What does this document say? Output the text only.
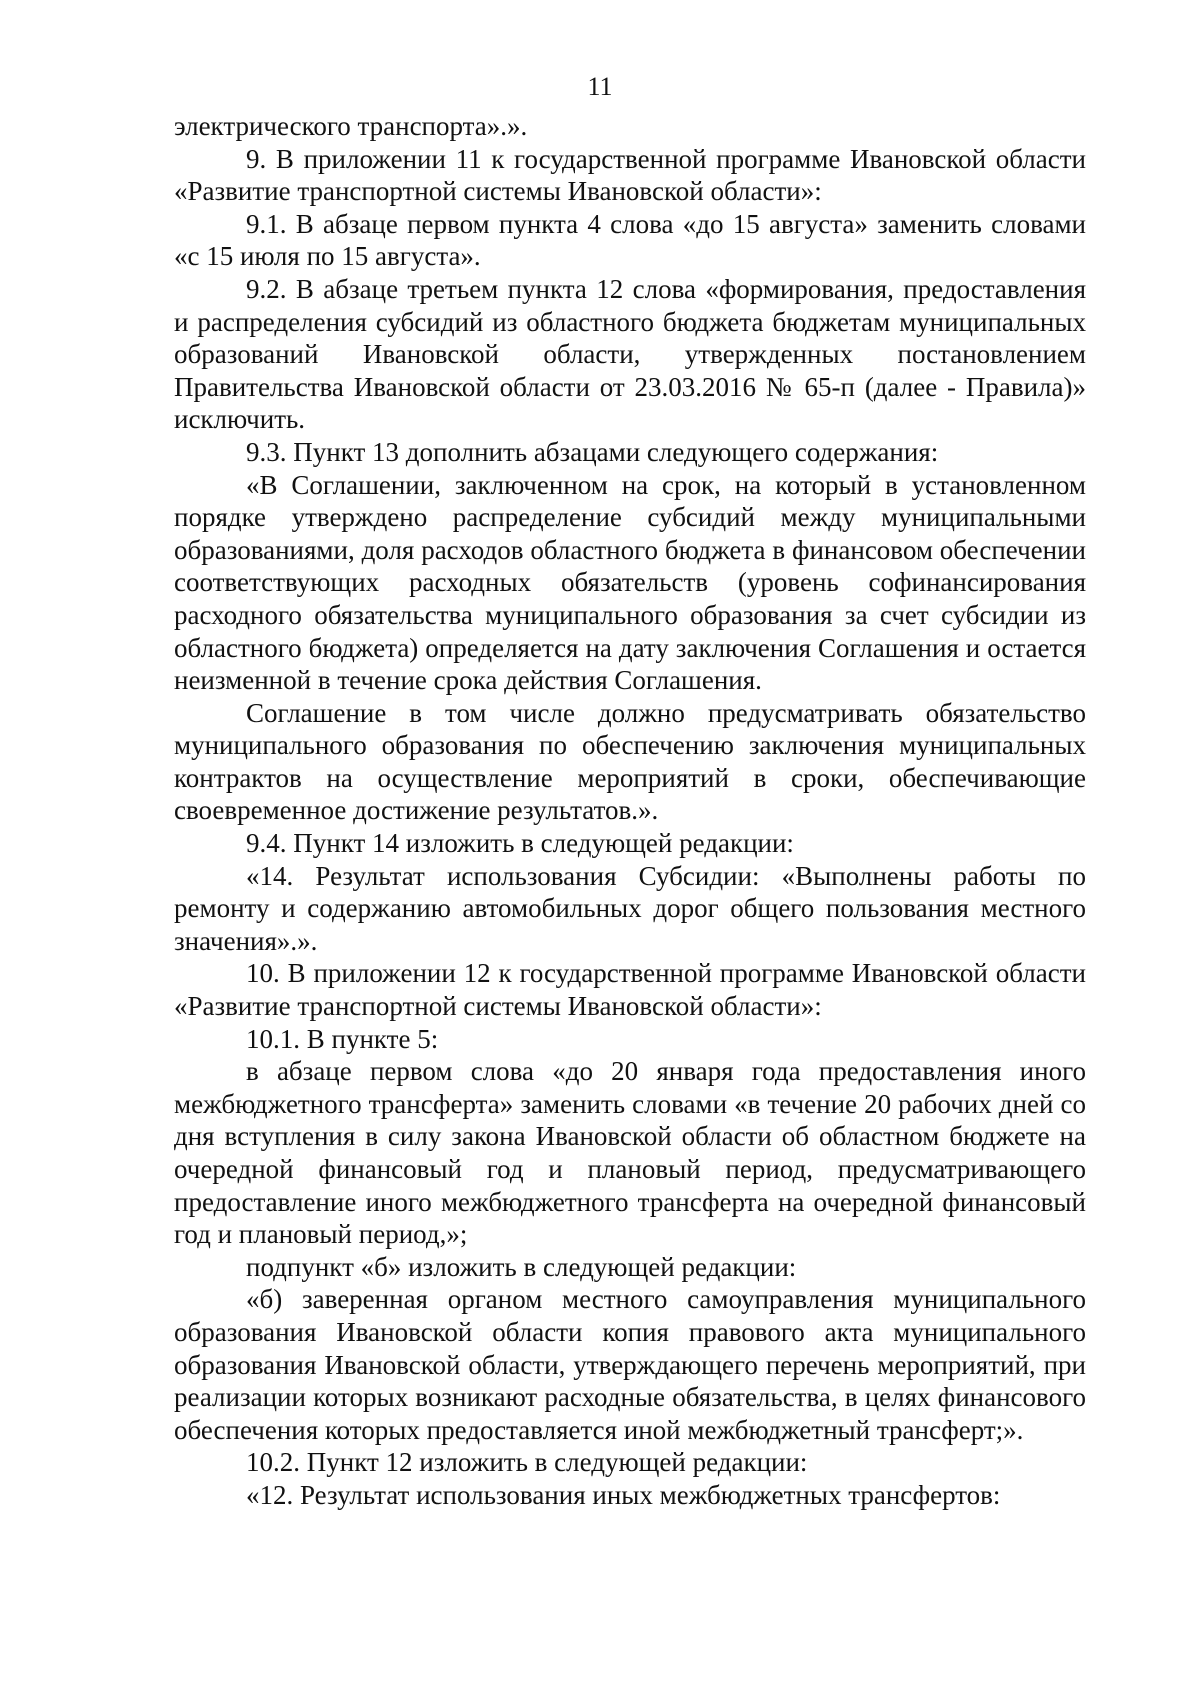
11

электрического транспорта».».

9. В приложении 11 к государственной программе Ивановской области «Развитие транспортной системы Ивановской области»:

9.1. В абзаце первом пункта 4 слова «до 15 августа» заменить словами «с 15 июля по 15 августа».

9.2. В абзаце третьем пункта 12 слова «формирования, предоставления и распределения субсидий из областного бюджета бюджетам муниципальных образований Ивановской области, утвержденных постановлением Правительства Ивановской области от 23.03.2016 № 65-п (далее - Правила)» исключить.

9.3. Пункт 13 дополнить абзацами следующего содержания:

«В Соглашении, заключенном на срок, на который в установленном порядке утверждено распределение субсидий между муниципальными образованиями, доля расходов областного бюджета в финансовом обеспечении соответствующих расходных обязательств (уровень софинансирования расходного обязательства муниципального образования за счет субсидии из областного бюджета) определяется на дату заключения Соглашения и остается неизменной в течение срока действия Соглашения.

Соглашение в том числе должно предусматривать обязательство муниципального образования по обеспечению заключения муниципальных контрактов на осуществление мероприятий в сроки, обеспечивающие своевременное достижение результатов.».

9.4. Пункт 14 изложить в следующей редакции:

«14. Результат использования Субсидии: «Выполнены работы по ремонту и содержанию автомобильных дорог общего пользования местного значения».».

10. В приложении 12 к государственной программе Ивановской области «Развитие транспортной системы Ивановской области»:

10.1. В пункте 5:

в абзаце первом слова «до 20 января года предоставления иного межбюджетного трансферта» заменить словами «в течение 20 рабочих дней со дня вступления в силу закона Ивановской области об областном бюджете на очередной финансовый год и плановый период, предусматривающего предоставление иного межбюджетного трансферта на очередной финансовый год и плановый период,»;

подпункт «б» изложить в следующей редакции:

«б) заверенная органом местного самоуправления муниципального образования Ивановской области копия правового акта муниципального образования Ивановской области, утверждающего перечень мероприятий, при реализации которых возникают расходные обязательства, в целях финансового обеспечения которых предоставляется иной межбюджетный трансферт;».

10.2. Пункт 12 изложить в следующей редакции:

«12. Результат использования иных межбюджетных трансфертов:
